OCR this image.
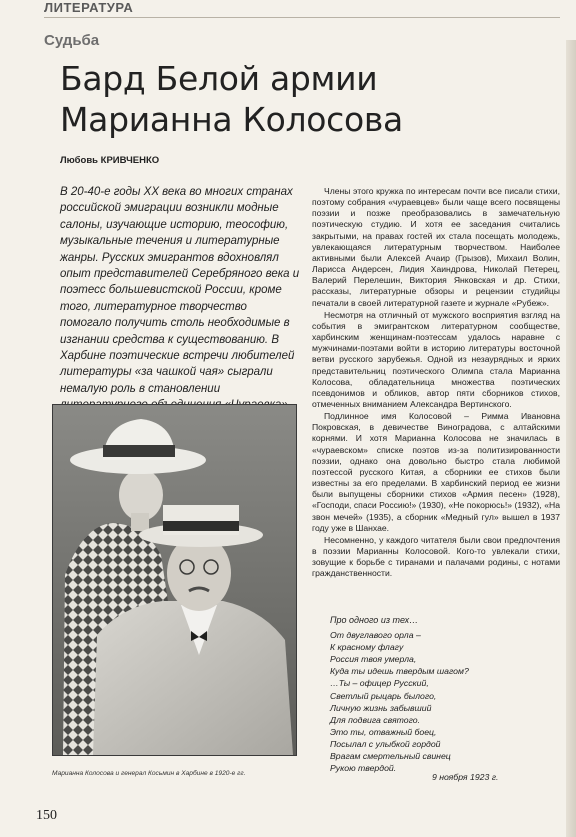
ЛИТЕРАТУРА
Судьба
Бард Белой армии Марианна Колосова
Любовь КРИВЧЕНКО

В 20-40-е годы XX века во многих странах российской эмиграции возникли модные салоны, изучающие историю, теософию, музыкальные течения и литературные жанры. Русских эмигрантов вдохновлял опыт представителей Серебряного века и поэтесс большевистской России, кроме того, литературное творчество помогало получить столь необходимые в изгнании средства к существованию. В Харбине поэтические встречи любителей литературы «за чашкой чая» сыграли немалую роль в становлении

Марианна Колосова и генерал Косьмин в Харбине в 1920-е гг.

Члены этого кружка по интересам почти все писали стихи, поэтому собрания «чураевцев» были чаще всего посвящены поэзии и позже преобразовались в замечательную поэтическую студию. И хотя ее заседания считались закрытыми, на правах гостей их стала посещать молодежь, увлекающаяся литературным творчеством. Наиболее активными были Алексей Ачаир (Грызов), Михаил Волин, Ларисса Андерсен, Лидия Хаиндрова, Николай Петерец, Валерий Перелешин, Виктория Янковская и др. Стихи, рассказы, литературные обзоры и рецензии студийцы печатали в своей литературной газете и журнале «Рубеж».

Несмотря на отличный от мужского восприятия взгляд на события в эмигрантском литературном сообществе, харбинским женщинам-поэтессам удалось наравне с мужчинами-поэтами войти в историю литературы восточной ветви русского зарубежья. Одной из незаурядных и ярких представительниц поэтического Олимпа стала Марианна Колосова, обладательница множества поэтических псевдонимов и обликов, автор пяти сборников стихов, отмеченных вниманием Александра Вертинского.

Подлинное имя Колосовой – Римма Ивановна Покровская, в девичестве Виноградова, с алтайскими корнями. И хотя Марианна Колосова не значилась в «чураевском» списке поэтов из-за политизированности поэзии, однако она довольно быстро стала любимой поэтессой русского Китая, а сборники ее стихов были известны за его пределами. В харбинский период ее жизни были выпущены сборники стихов «Армия песен» (1928), «Господи, спаси Россию!» (1930), «Не покорюсь!» (1932), «На звон мечей» (1935), а сборник «Медный гул» вышел в 1937 году уже в Шанхае.

Несомненно, у каждого читателя были свои предпочтения в поэзии Марианны Колосовой. Кого-то увлекали стихи, зовущие к борьбе с тиранами и палачами родины, с нотами гражданственности.

Про одного из тех…
От двуглавого орла –
К красному флагу
Россия твоя умерла,
Куда ты идешь твердым шагом?
…Ты – офицер Русский,
Светлый рыцарь былого,
Личную жизнь забывший
Для подвига святого.
Это ты, отважный боец,
Посылал с улыбкой гордой
Врагам смертельный свинец
Рукою твердой.
9 ноября 1923 г.
150
